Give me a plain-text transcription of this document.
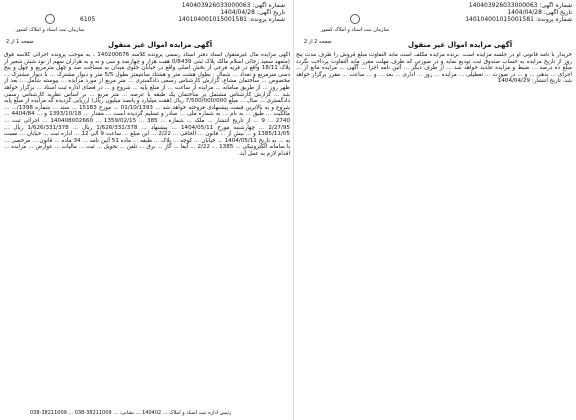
شماره آگهی: 140403926033000063
تاریخ آگهی: 1404/04/28
شماره پرونده: 140104001015001581
6105

سازمان ثبت اسناد و املاک کشور
صفحه 1 از 2	آگهی مزایده اموال غیر منقول
آگهی مزایده مال غیرمنقول اسناد دفتر اسناد رسمی پرونده کلاسه 140200676 ، به موجب پرونده اجرائی کلاسه فوق (متعهد سعید رجائی اسلام مالک پلاک ثبتی 0/8439 هفت هزار و چهارصد و سی و نه و به هزاران سهم از نود شش شعیر از پلاک 18/11 واقع در قریه فرعی از بخش اصلی واقع در خیابان جلوی میدان به مساحت صد و چهل مترمربع و چهل و پنج دسی مترمربع و تعداد ... شمال : بطول هشت متر و هشتاد سانتیمتر بطول 5/5 متر و دیوار مشترک ... با دیوار مشترک ... مخصوص ... ساختمان مشاع، گزارش کارشناس رسمی دادگستری ... متر مربع از مورد مزایده ... پیوسته شامل ... بعد از ظهر روز ... از طریق سامانه ... مزایده از ساعت ... از مبلغ پایه ... شروع و ... در فضای اداره ثبت اسناد ... برگزار خواهد شد ... گزارش کارشناس مشتمل بر ساختمان یک طبقه با عرصه ... متر مربع ... بر اساس نظریه کارشناس رسمی دادگستری ... سال ... مبلغ 7/500/000/000 ریال (هفت میلیارد و پانصد میلیون ریال) ارزیابی گردیده که مزایده از مبلغ پایه شروع و به بالاترین قیمت پیشنهادی فروخته خواهد شد ... 01/10/1393 ... مورخ 15183 ... سند ... شماره 1398/... ... مالکیت ... طبق ... به نام ... به شماره ملی ... صادر و تسلیم گردیده است ... مقدار ... 1393/10/18 و ... 4404/84 ... 2740 ... 9 ... از تاریخ انتشار ... ملک ... شماره ... 385 ... 1359/02/15 ... 140408002660 ... اجرائی ثبت ... 2/27/95 ... چهارشنبه مورخ 1404/05/11 ... پیشنهاد ... 1/626/331/378 ریال ... 1/626/331/378 ریال ... 1385/11/05 و ... بیش از ... قانون ... الحاقی ... 2/22 ... این مبلغ ... ساعت 9 الی 12 ... اداره ثبت ... خیابان ... نسبت به ... به تاریخ 1404/05/11 ... خیابان ... کوچه ... پلاک ... طبقه ... ماده 51 آئین نامه ... 34 ماده ... قانون ... مرخصی ... با سامانه الکترونیکی ... 1385 ... 2/22 ... آبفا ... گاز ... برق ... تلفن ... تحویل ... ثبت ... مالیات ... عوارض ... مزایده ... اقدام لازم به عمل آید.
رئیس اداره ثبت اسناد و املاک ... 140402 ... نشانی: ... 38211009-038 ... 38211009-038
شماره آگهی: 140403926033000063
تاریخ آگهی: 1404/04/28
شماره پرونده: 140104001015001581

سازمان ثبت اسناد و املاک کشور
صفحه 2 از 2	آگهی مزایده اموال غیر منقول
خریدار با نامه قانونی او در جلسه مزایده است. برنده مزایده مکلف است مابه التفاوت مبلغ فروش را ظرف مدت پنج روز از تاریخ مزایده به حساب صندوق ثبت تودیع نماید و در صورتی که ظرف مهلت مقرر مابه التفاوت پرداخت نگردد مبلغ ده درصد ... ضبط و مزایده تجدید خواهد شد ... از طرف دیگر ... آئین نامه اجرا ... آگهی ... مزایده مانع از ... اجرای ... بدهی ... و ... در صورت ... تعطیلی ... مزایده ... روز ... اداری ... بعد ... و ... ساعت ... مقرر برگزار خواهد شد. تاریخ انتشار: 1404/04/29
